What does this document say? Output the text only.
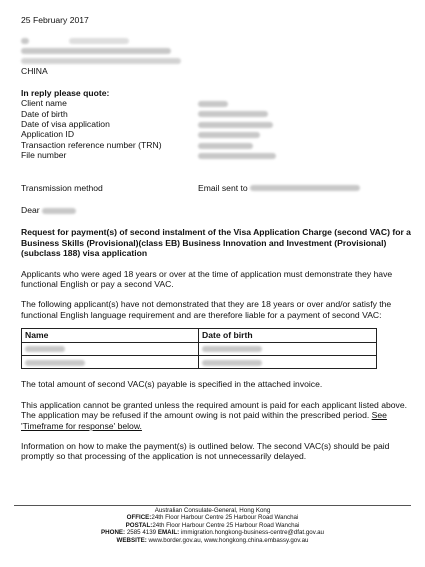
25 February 2017
CHINA
In reply please quote:
Client name
Date of birth
Date of visa application
Application ID
Transaction reference number (TRN)
File number
Transmission method	Email sent to
Dear
Request for payment(s) of second instalment of the Visa Application Charge (second VAC) for a Business Skills (Provisional)(class EB) Business Innovation and Investment (Provisional)(subclass 188) visa application
Applicants who were aged 18 years or over at the time of application must demonstrate they have functional English or pay a second VAC.
The following applicant(s) have not demonstrated that they are 18 years or over and/or satisfy the functional English language requirement and are therefore liable for a payment of second VAC:
Name	Date of birth

The total amount of second VAC(s) payable is specified in the attached invoice.
This application cannot be granted unless the required amount is paid for each applicant listed above. The application may be refused if the amount owing is not paid within the prescribed period. See 'Timeframe for response' below.
Information on how to make the payment(s) is outlined below. The second VAC(s) should be paid promptly so that processing of the application is not unnecessarily delayed.
Australian Consulate-General, Hong Kong
OFFICE:24th Floor Harbour Centre 25 Harbour Road Wanchai
POSTAL:24th Floor Harbour Centre 25 Harbour Road Wanchai
PHONE: 2585 4139 EMAIL: immigration.hongkong-business-centre@dfat.gov.au
WEBSITE: www.border.gov.au, www.hongkong.china.embassy.gov.au
